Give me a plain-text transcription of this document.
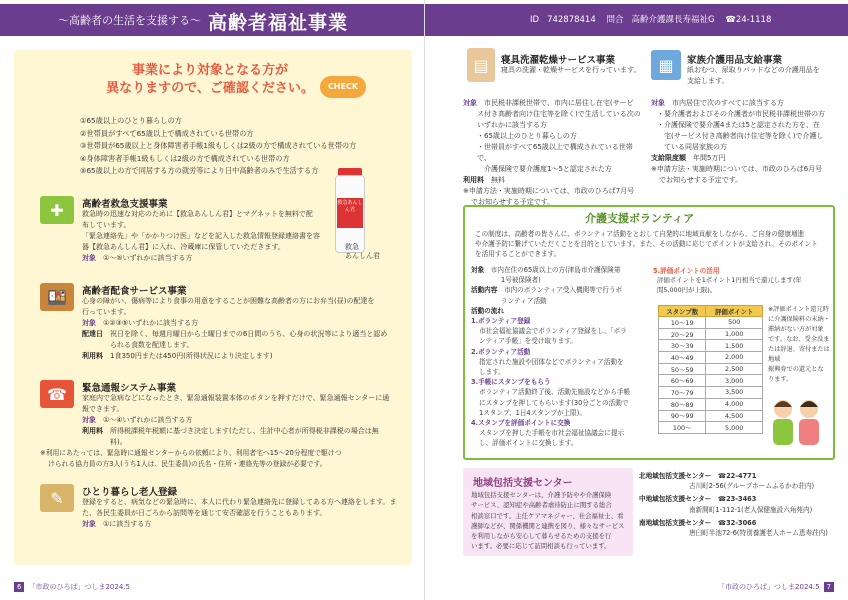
～高齢者の生活を支援する～ 高齢者福祉事業
事業により対象となる方が
異なりますので、ご確認ください。	CHECK
①65歳以上のひとり暮らしの方
②世帯員がすべて65歳以上で構成されている世帯の方
③世帯員が65歳以上と身体障害者手帳1級もしくは2級の方で構成されている世帯の方
④身体障害者手帳1級もしくは2級の方で構成されている世帯の方
⑤65歳以上の方で同居する方の就労等により日中高齢者のみで生活する方
✚	高齢者救急支援事業
救急時の迅速な対応のために【救急あんしん君】とマグネットを無料で配
布しています。
「緊急連絡先」や「かかりつけ医」などを記入した救急情報登録連絡書を容
器【救急あんしん君】に入れ、冷蔵庫に保管していただきます。
対象　 ①〜⑤いずれかに該当する方
救急あんしん君
救急
あんしん君
🍱	高齢者配食サービス事業
心身の障がい、傷病等により食事の用意をすることが困難な高齢者の方にお弁当(昼)の配達を
行っています。
対象　 ①②③⑤いずれかに該当する方
配達日　 祝日を除く、毎週月曜日から土曜日までの6日間のうち、心身の状況等により適当と認め
られる食数を配達します。
利用料　 1食350円または450円(所得状況により決定します)
☎	緊急通報システム事業
家庭内で急病などになったとき、緊急通報装置本体のボタンを押すだけで、緊急通報センターに通
報できます。
対象　 ①〜④いずれかに該当する方
利用料　 所得税課税年税額に基づき決定します(ただし、生計中心者が所得税非課税の場合は無
料)。
※利用にあたっては、緊急時に通報センターからの依頼により、利用者宅へ15〜20分程度で駆けつ
けられる協力員の方3人(うち1人は、民生委員)の氏名・住所・連絡先等の登録が必要です。
✎	ひとり暮らし老人登録
登録をすると、病気などの緊急時に、本人に代わり緊急連絡先に登録してある方へ連絡をします。ま
た、各民生委員が日ごろから訪問等を通じて安否確認を行うこともあります。
対象　 ①に該当する方
6 「市政のひろば」つしま2024.5
ID 742878414 問合 高齢介護課長寿福祉G ☎24-1118
▤	寝具洗濯乾燥サービス事業
寝具の洗濯・乾燥サービスを行っています。
対象　 市民税非課税世帯で、市内に居住し在宅(サービ
ス付き高齢者向け住宅等を除く)で生活している次の
いずれかに該当する方
・65歳以上のひとり暮らしの方
・世帯員がすべて65歳以上で構成されている世帯で、
　介護保険で要介護度1〜5と認定された方
利用料　 無料
※申請方法・実施時期については、市政のひろば7月号
でお知らせする予定です。
▦	家族介護用品支給事業
紙おむつ、尿取りパッドなどの介護用品を
支給します。
対象　 市内居住で次のすべてに該当する方
・要介護者およびその介護者が市民税非課税世帯の方
・介護保険で要介護4または5と認定された方を、在
　宅(サービス付き高齢者向け住宅等を除く)で介護し
　ている同居家族の方
支給限度額　 年間5万円
※申請方法・実施時期については、市政のひろば6月号
でお知らせする予定です。
介護支援ボランティア
この制度は、高齢者の皆さんに、ボランティア活動をとおして自発的に地域貢献をしながら、ご自身の健康増進
や介護予防に繋げていただくことを目的としています。また、その活動に応じてポイントが支給され、そのポイント
を活用することができます。
対象　 市内在住の65歳以上の方(津島市介護保険第
1号被保険者)
活動内容　 市内のボランティア受入機関等で行うボ
ランティア活動
活動の流れ
1.ボランティア登録
市社会福祉協議会でボランティア登録をし、「ボラ
ンティア手帳」を受け取ります。
2.ボランティア活動
指定された施設や団体などでボランティア活動を
します。
3.手帳にスタンプをもらう
ボランティア活動終了後、活動先施設などから手帳
にスタンプを押してもらいます(30分ごとの活動で
1スタンプ、1日4スタンプが上限)。
4.スタンプを評価ポイントに交換
スタンプを押した手帳を市社会福祉協議会に提示
し、評価ポイントに交換します。
5.評価ポイントの活用
評価ポイントを1ポイント1円相当で還元します(年
間5,000円が上限)。
スタンプ数	評価ポイント
10〜19	500
20〜29	1,000
30〜39	1,500
40〜49	2,000
50〜59	2,500
60〜69	3,000
70〜79	3,500
80〜89	4,000
90〜99	4,500
100〜	5,000
※評価ポイント還元時
に介護保険料の未納・
滞納がない方が対象
です。なお、受全没ま
たは辞退、寄付または地域
振興券での還元とな
ります。
地域包括支援センター
地域包括支援センターは、介護予防やや介護保険
サービス、認知症や高齢者虐待防止に関する総合
相談窓口です。主任ケアマネジャー、社会福祉士、看
護師などが、関係機関と連携を図り、様々なサービス
を利用しながら安心して暮らせるための支援を行
います。必要に応じて訪問相談も行っています。
北地域包括支援センター　 ☎22-4771
古川町2-56(グループホームふるかわ荘内)
中地域包括支援センター　 ☎23-3463
南新開町1-112-1(老人保健施設六角苑内)
南地域包括支援センター　 ☎32-3066
唐臼町半池72-6(特別養護老人ホーム恵寿荘内)
「市政のひろば」つしま2024.5 7
